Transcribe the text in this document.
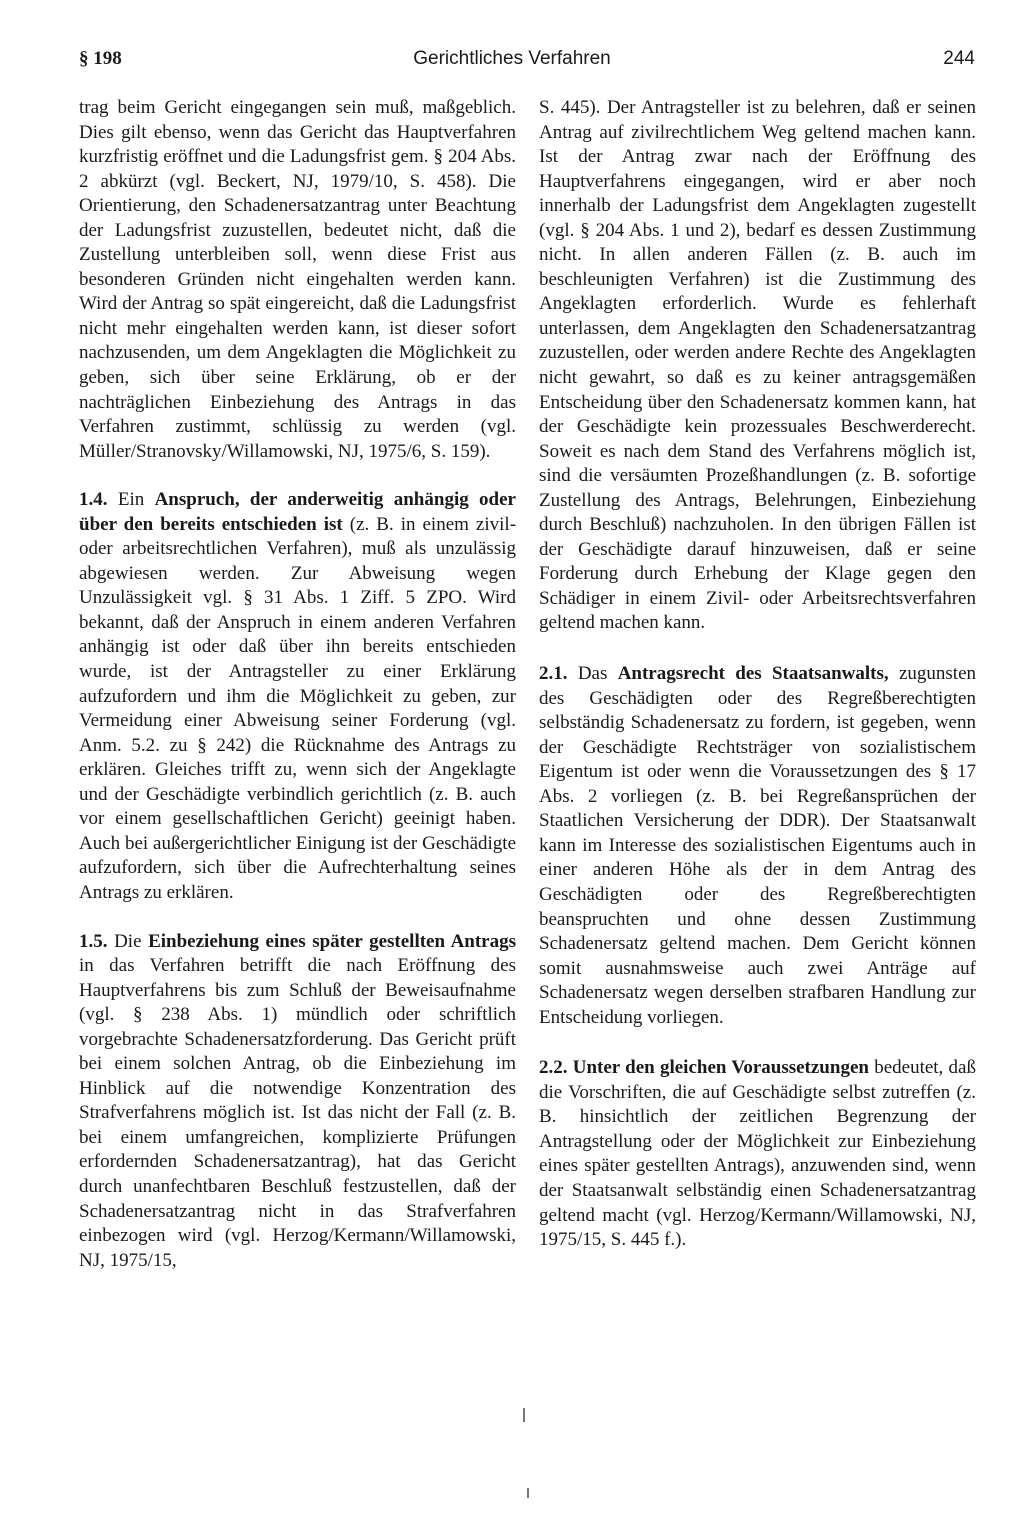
§ 198	Gerichtliches Verfahren	244

trag beim Gericht eingegangen sein muß, maßgeblich. Dies gilt ebenso, wenn das Gericht das Hauptverfahren kurzfristig eröffnet und die Ladungsfrist gem. § 204 Abs. 2 abkürzt (vgl. Beckert, NJ, 1979/10, S. 458). Die Orientierung, den Schadenersatzantrag unter Beachtung der Ladungsfrist zuzustellen, bedeutet nicht, daß die Zustellung unterbleiben soll, wenn diese Frist aus besonderen Gründen nicht eingehalten werden kann. Wird der Antrag so spät eingereicht, daß die Ladungsfrist nicht mehr eingehalten werden kann, ist dieser sofort nachzusenden, um dem Angeklagten die Möglichkeit zu geben, sich über seine Erklärung, ob er der nachträglichen Einbeziehung des Antrags in das Verfahren zustimmt, schlüssig zu werden (vgl. Müller/Stranovsky/Willamowski, NJ, 1975/6, S. 159).

1.4. Ein Anspruch, der anderweitig anhängig oder über den bereits entschieden ist (z. B. in einem zivil- oder arbeitsrechtlichen Verfahren), muß als unzulässig abgewiesen werden. Zur Abweisung wegen Unzulässigkeit vgl. § 31 Abs. 1 Ziff. 5 ZPO. Wird bekannt, daß der Anspruch in einem anderen Verfahren anhängig ist oder daß über ihn bereits entschieden wurde, ist der Antragsteller zu einer Erklärung aufzufordern und ihm die Möglichkeit zu geben, zur Vermeidung einer Abweisung seiner Forderung (vgl. Anm. 5.2. zu § 242) die Rücknahme des Antrags zu erklären. Gleiches trifft zu, wenn sich der Angeklagte und der Geschädigte verbindlich gerichtlich (z. B. auch vor einem gesellschaftlichen Gericht) geeinigt haben. Auch bei außergerichtlicher Einigung ist der Geschädigte aufzufordern, sich über die Aufrechterhaltung seines Antrags zu erklären.

1.5. Die Einbeziehung eines später gestellten Antrags in das Verfahren betrifft die nach Eröffnung des Hauptverfahrens bis zum Schluß der Beweisaufnahme (vgl. § 238 Abs. 1) mündlich oder schriftlich vorgebrachte Schadenersatzforderung. Das Gericht prüft bei einem solchen Antrag, ob die Einbeziehung im Hinblick auf die notwendige Konzentration des Strafverfahrens möglich ist. Ist das nicht der Fall (z. B. bei einem umfangreichen, komplizierte Prüfungen erfordernden Schadenersatzantrag), hat das Gericht durch unanfechtbaren Beschluß festzustellen, daß der Schadenersatzantrag nicht in das Strafverfahren einbezogen wird (vgl. Herzog/Kermann/Willamowski, NJ, 1975/15,

S. 445). Der Antragsteller ist zu belehren, daß er seinen Antrag auf zivilrechtlichem Weg geltend machen kann. Ist der Antrag zwar nach der Eröffnung des Hauptverfahrens eingegangen, wird er aber noch innerhalb der Ladungsfrist dem Angeklagten zugestellt (vgl. § 204 Abs. 1 und 2), bedarf es dessen Zustimmung nicht. In allen anderen Fällen (z. B. auch im beschleunigten Verfahren) ist die Zustimmung des Angeklagten erforderlich. Wurde es fehlerhaft unterlassen, dem Angeklagten den Schadenersatzantrag zuzustellen, oder werden andere Rechte des Angeklagten nicht gewahrt, so daß es zu keiner antragsgemäßen Entscheidung über den Schadenersatz kommen kann, hat der Geschädigte kein prozessuales Beschwerderecht. Soweit es nach dem Stand des Verfahrens möglich ist, sind die versäumten Prozeßhandlungen (z. B. sofortige Zustellung des Antrags, Belehrungen, Einbeziehung durch Beschluß) nachzuholen. In den übrigen Fällen ist der Geschädigte darauf hinzuweisen, daß er seine Forderung durch Erhebung der Klage gegen den Schädiger in einem Zivil- oder Arbeitsrechtsverfahren geltend machen kann.

2.1. Das Antragsrecht des Staatsanwalts, zugunsten des Geschädigten oder des Regreßberechtigten selbständig Schadenersatz zu fordern, ist gegeben, wenn der Geschädigte Rechtsträger von sozialistischem Eigentum ist oder wenn die Voraussetzungen des § 17 Abs. 2 vorliegen (z. B. bei Regreßansprüchen der Staatlichen Versicherung der DDR). Der Staatsanwalt kann im Interesse des sozialistischen Eigentums auch in einer anderen Höhe als der in dem Antrag des Geschädigten oder des Regreßberechtigten beanspruchten und ohne dessen Zustimmung Schadenersatz geltend machen. Dem Gericht können somit ausnahmsweise auch zwei Anträge auf Schadenersatz wegen derselben strafbaren Handlung zur Entscheidung vorliegen.

2.2. Unter den gleichen Voraussetzungen bedeutet, daß die Vorschriften, die auf Geschädigte selbst zutreffen (z. B. hinsichtlich der zeitlichen Begrenzung der Antragstellung oder der Möglichkeit zur Einbeziehung eines später gestellten Antrags), anzuwenden sind, wenn der Staatsanwalt selbständig einen Schadenersatzantrag geltend macht (vgl. Herzog/Kermann/Willamowski, NJ, 1975/15, S. 445 f.).
